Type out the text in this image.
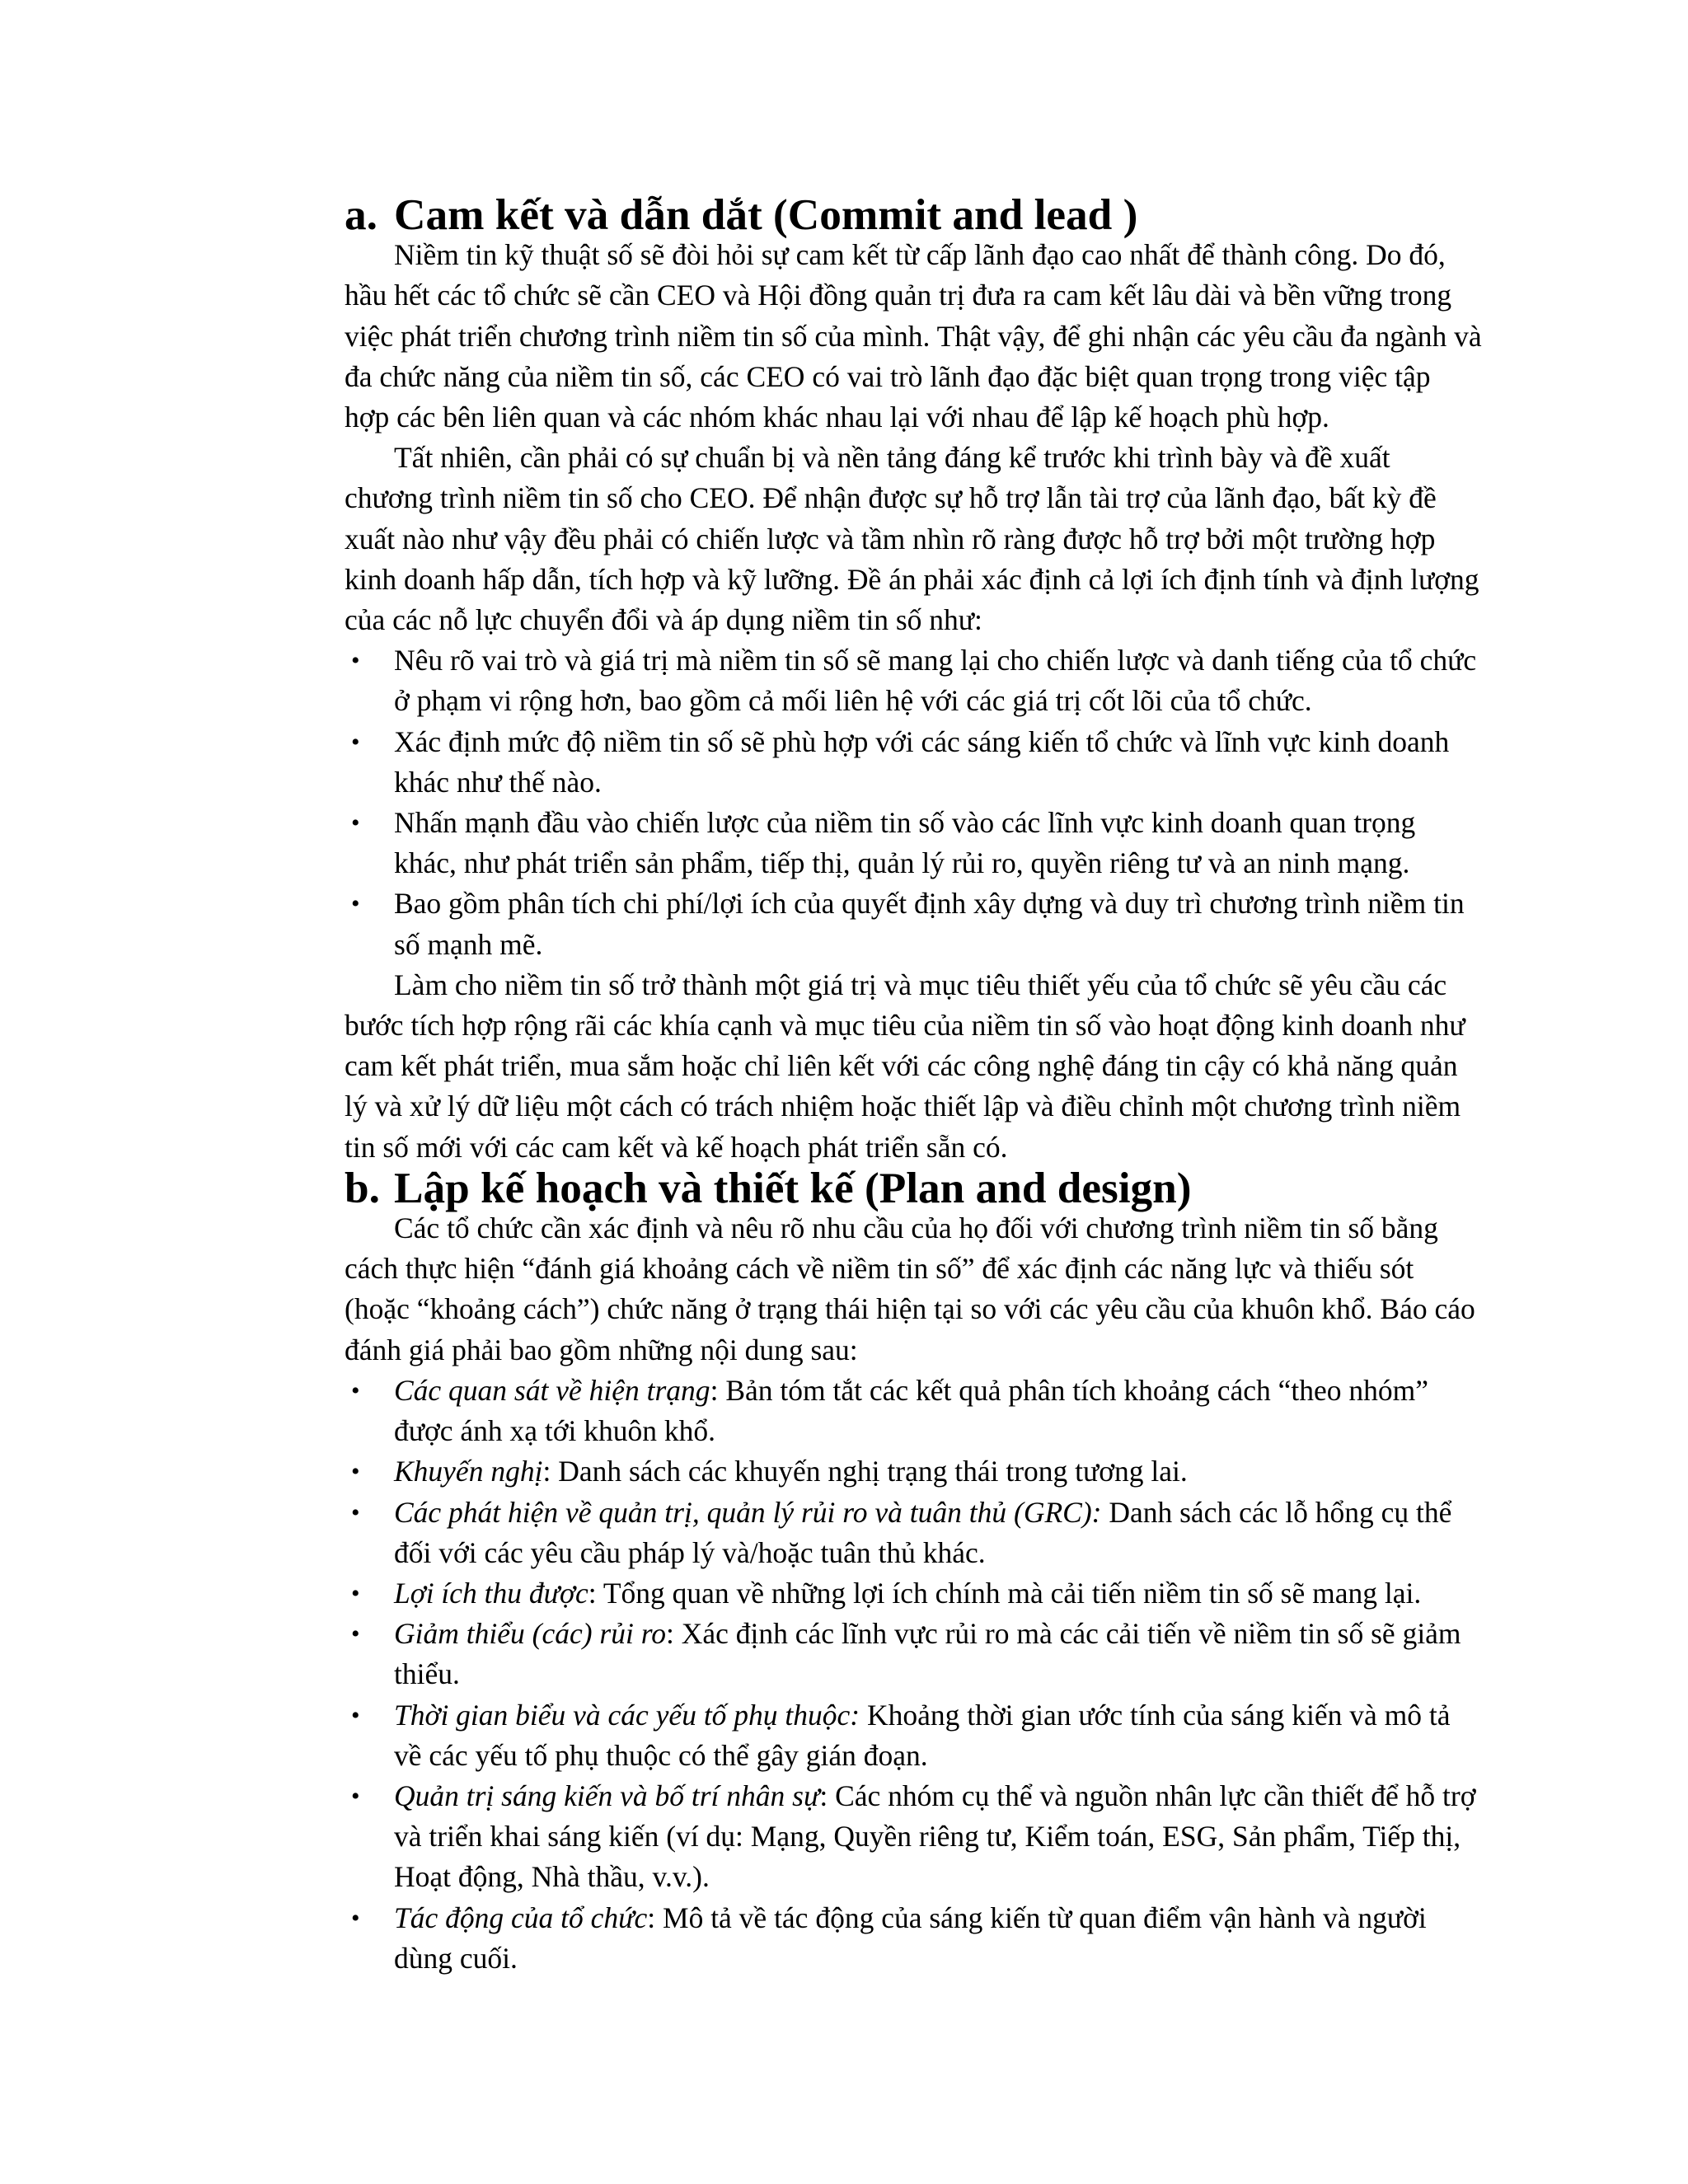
a. Cam kết và dẫn dắt (Commit and lead )

Niềm tin kỹ thuật số sẽ đòi hỏi sự cam kết từ cấp lãnh đạo cao nhất để thành công. Do đó, hầu hết các tổ chức sẽ cần CEO và Hội đồng quản trị đưa ra cam kết lâu dài và bền vững trong việc phát triển chương trình niềm tin số của mình. Thật vậy, để ghi nhận các yêu cầu đa ngành và đa chức năng của niềm tin số, các CEO có vai trò lãnh đạo đặc biệt quan trọng trong việc tập hợp các bên liên quan và các nhóm khác nhau lại với nhau để lập kế hoạch phù hợp.

Tất nhiên, cần phải có sự chuẩn bị và nền tảng đáng kể trước khi trình bày và đề xuất chương trình niềm tin số cho CEO. Để nhận được sự hỗ trợ lẫn tài trợ của lãnh đạo, bất kỳ đề xuất nào như vậy đều phải có chiến lược và tầm nhìn rõ ràng được hỗ trợ bởi một trường hợp kinh doanh hấp dẫn, tích hợp và kỹ lưỡng. Đề án phải xác định cả lợi ích định tính và định lượng của các nỗ lực chuyển đổi và áp dụng niềm tin số như:

• Nêu rõ vai trò và giá trị mà niềm tin số sẽ mang lại cho chiến lược và danh tiếng của tổ chức ở phạm vi rộng hơn, bao gồm cả mối liên hệ với các giá trị cốt lõi của tổ chức.
• Xác định mức độ niềm tin số sẽ phù hợp với các sáng kiến tổ chức và lĩnh vực kinh doanh khác như thế nào.
• Nhấn mạnh đầu vào chiến lược của niềm tin số vào các lĩnh vực kinh doanh quan trọng khác, như phát triển sản phẩm, tiếp thị, quản lý rủi ro, quyền riêng tư và an ninh mạng.
• Bao gồm phân tích chi phí/lợi ích của quyết định xây dựng và duy trì chương trình niềm tin số mạnh mẽ.

Làm cho niềm tin số trở thành một giá trị và mục tiêu thiết yếu của tổ chức sẽ yêu cầu các bước tích hợp rộng rãi các khía cạnh và mục tiêu của niềm tin số vào hoạt động kinh doanh như cam kết phát triển, mua sắm hoặc chỉ liên kết với các công nghệ đáng tin cậy có khả năng quản lý và xử lý dữ liệu một cách có trách nhiệm hoặc thiết lập và điều chỉnh một chương trình niềm tin số mới với các cam kết và kế hoạch phát triển sẵn có.

b. Lập kế hoạch và thiết kế (Plan and design)

Các tổ chức cần xác định và nêu rõ nhu cầu của họ đối với chương trình niềm tin số bằng cách thực hiện “đánh giá khoảng cách về niềm tin số” để xác định các năng lực và thiếu sót (hoặc “khoảng cách”) chức năng ở trạng thái hiện tại so với các yêu cầu của khuôn khổ. Báo cáo đánh giá phải bao gồm những nội dung sau:

• Các quan sát về hiện trạng: Bản tóm tắt các kết quả phân tích khoảng cách “theo nhóm” được ánh xạ tới khuôn khổ.
• Khuyến nghị: Danh sách các khuyến nghị trạng thái trong tương lai.
• Các phát hiện về quản trị, quản lý rủi ro và tuân thủ (GRC): Danh sách các lỗ hổng cụ thể đối với các yêu cầu pháp lý và/hoặc tuân thủ khác.
• Lợi ích thu được: Tổng quan về những lợi ích chính mà cải tiến niềm tin số sẽ mang lại.
• Giảm thiểu (các) rủi ro: Xác định các lĩnh vực rủi ro mà các cải tiến về niềm tin số sẽ giảm thiểu.
• Thời gian biểu và các yếu tố phụ thuộc: Khoảng thời gian ước tính của sáng kiến và mô tả về các yếu tố phụ thuộc có thể gây gián đoạn.
• Quản trị sáng kiến và bố trí nhân sự: Các nhóm cụ thể và nguồn nhân lực cần thiết để hỗ trợ và triển khai sáng kiến (ví dụ: Mạng, Quyền riêng tư, Kiểm toán, ESG, Sản phẩm, Tiếp thị, Hoạt động, Nhà thầu, v.v.).
• Tác động của tổ chức: Mô tả về tác động của sáng kiến từ quan điểm vận hành và người dùng cuối.
